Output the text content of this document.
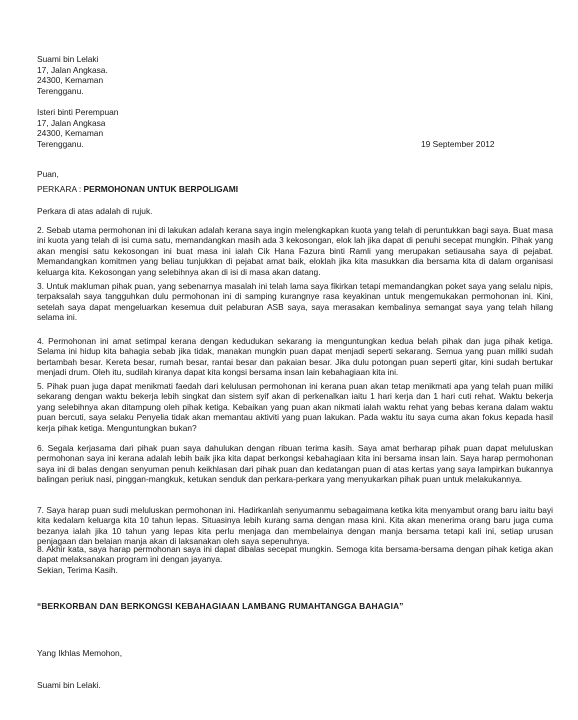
Suami bin Lelaki
17, Jalan Angkasa.
24300, Kemaman
Terengganu.
Isteri binti Perempuan
17, Jalan Angkasa
24300, Kemaman
Terengganu.	19 September 2012
Puan,
PERKARA : PERMOHONAN UNTUK BERPOLIGAMI
Perkara di atas adalah di rujuk.
2. Sebab utama permohonan ini di lakukan adalah kerana saya ingin melengkapkan kuota yang telah di peruntukkan bagi saya. Buat masa ini kuota yang telah di isi cuma satu, memandangkan masih ada 3 kekosongan, elok lah jika dapat di penuhi secepat mungkin. Pihak yang akan mengisi satu kekosongan ini buat masa ini ialah Cik Hana Fazura binti Ramli yang merupakan setiausaha saya di pejabat. Memandangkan komitmen yang beliau tunjukkan di pejabat amat baik, eloklah jika kita masukkan dia bersama kita di dalam organisasi keluarga kita. Kekosongan yang selebihnya akan di isi di masa akan datang.
3. Untuk makluman pihak puan, yang sebenarnya masalah ini telah lama saya fikirkan tetapi memandangkan poket saya yang selalu nipis, terpaksalah saya tangguhkan dulu permohonan ini di samping kurangnye rasa keyakinan untuk mengemukakan permohonan ini. Kini, setelah saya dapat mengeluarkan kesemua duit pelaburan ASB saya, saya merasakan kembalinya semangat saya yang telah hilang selama ini.
4. Permohonan ini amat setimpal kerana dengan kedudukan sekarang ia menguntungkan kedua belah pihak dan juga pihak ketiga. Selama ini hidup kita bahagia sebab jika tidak, manakan mungkin puan dapat menjadi seperti sekarang. Semua yang puan miliki sudah bertambah besar. Kereta besar, rumah besar, rantai besar dan pakaian besar. Jika dulu potongan puan seperti gitar, kini sudah bertukar menjadi drum. Oleh itu, sudilah kiranya dapat kita kongsi bersama insan lain kebahagiaan kita ini.
5. Pihak puan juga dapat menikmati faedah dari kelulusan permohonan ini kerana puan akan tetap menikmati apa yang telah puan miliki sekarang dengan waktu bekerja lebih singkat dan sistem syif akan di perkenalkan iaitu 1 hari kerja dan 1 hari cuti rehat. Waktu bekerja yang selebihnya akan ditampung oleh pihak ketiga. Kebaikan yang puan akan nikmati ialah waktu rehat yang bebas kerana dalam waktu puan bercuti, saya selaku Penyelia tidak akan memantau aktiviti yang puan lakukan. Pada waktu itu saya cuma akan fokus kepada hasil kerja pihak ketiga. Menguntungkan bukan?
6. Segala kerjasama dari pihak puan saya dahulukan dengan ribuan terima kasih. Saya amat berharap pihak puan dapat meluluskan permohonan saya ini kerana adalah lebih baik jika kita dapat berkongsi kebahagiaan kita ini bersama insan lain. Saya harap permohonan saya ini di balas dengan senyuman penuh keikhlasan dari pihak puan dan kedatangan puan di atas kertas yang saya lampirkan bukannya balingan periuk nasi, pinggan-mangkuk, ketukan senduk dan perkara-perkara yang menyukarkan pihak puan untuk melakukannya.
7. Saya harap puan sudi meluluskan permohonan ini. Hadirkanlah senyumanmu sebagaimana ketika kita menyambut orang baru iaitu bayi kita kedalam keluarga kita 10 tahun lepas. Situasinya lebih kurang sama dengan masa kini. Kita akan menerima orang baru juga cuma bezanya ialah jika 10 tahun yang lepas kita perlu menjaga dan membelainya dengan manja bersama tetapi kali ini, setiap urusan penjagaan dan belaian manja akan di laksanakan oleh saya sepenuhnya.
8. Akhir kata, saya harap permohonan saya ini dapat dibalas secepat mungkin. Semoga kita bersama-bersama dengan pihak ketiga akan dapat melaksanakan program ini dengan jayanya.
Sekian, Terima Kasih.
“BERKORBAN DAN BERKONGSI KEBAHAGIAAN LAMBANG RUMAHTANGGA BAHAGIA”
Yang Ikhlas Memohon,
Suami bin Lelaki.
